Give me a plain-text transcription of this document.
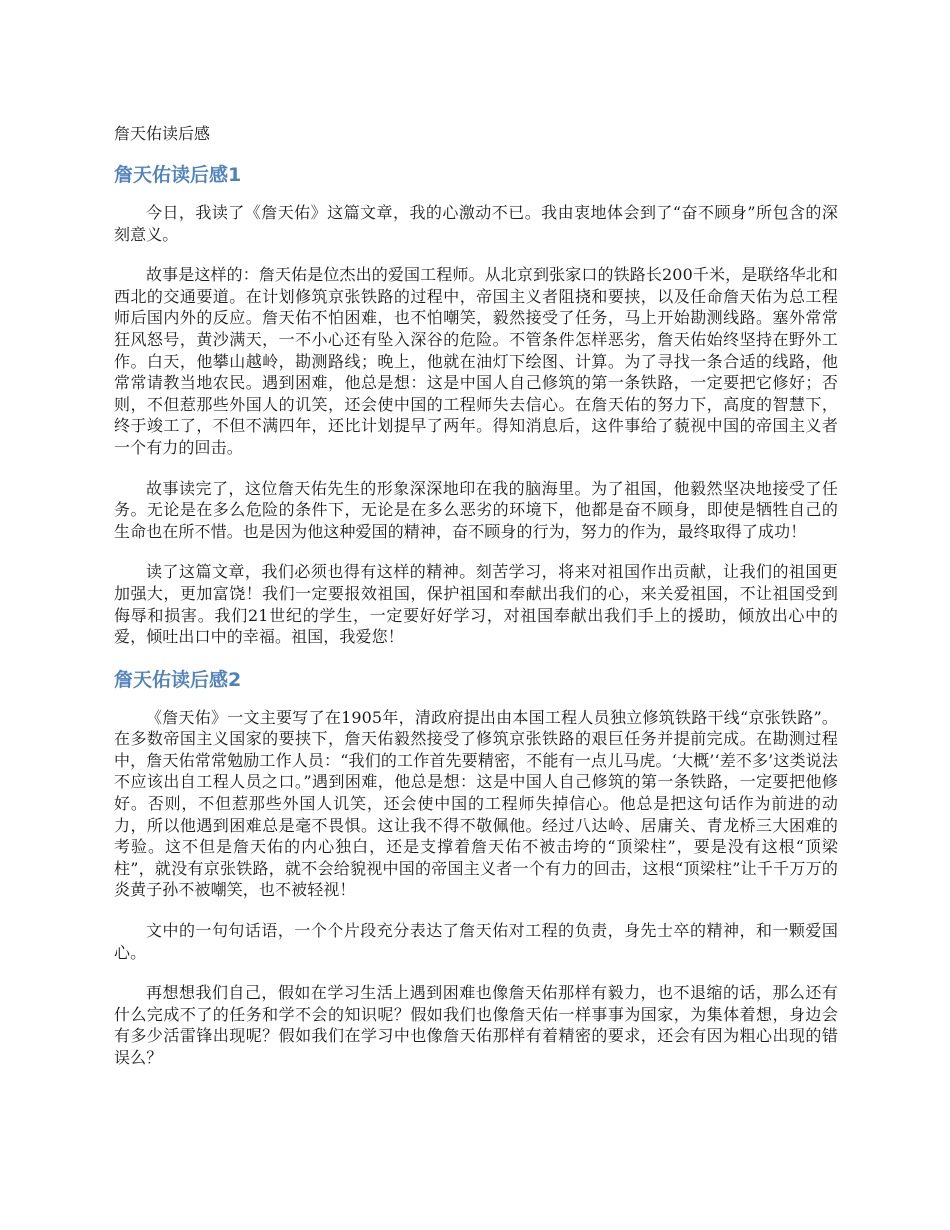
詹天佑读后感

詹天佑读后感1

今日，我读了《詹天佑》这篇文章，我的心激动不已。我由衷地体会到了“奋不顾身”所包含的深刻意义。

故事是这样的：詹天佑是位杰出的爱国工程师。从北京到张家口的铁路长200千米，是联络华北和西北的交通要道。在计划修筑京张铁路的过程中，帝国主义者阻挠和要挟，以及任命詹天佑为总工程师后国内外的反应。詹天佑不怕困难，也不怕嘲笑，毅然接受了任务，马上开始勘测线路。塞外常常狂风怒号，黄沙满天，一不小心还有坠入深谷的危险。不管条件怎样恶劣，詹天佑始终坚持在野外工作。白天，他攀山越岭，勘测路线；晚上，他就在油灯下绘图、计算。为了寻找一条合适的线路，他常常请教当地农民。遇到困难，他总是想：这是中国人自己修筑的第一条铁路，一定要把它修好；否则，不但惹那些外国人的讥笑，还会使中国的工程师失去信心。在詹天佑的努力下，高度的智慧下，终于竣工了，不但不满四年，还比计划提早了两年。得知消息后，这件事给了藐视中国的帝国主义者一个有力的回击。

故事读完了，这位詹天佑先生的形象深深地印在我的脑海里。为了祖国，他毅然坚决地接受了任务。无论是在多么危险的条件下，无论是在多么恶劣的环境下，他都是奋不顾身，即使是牺牲自己的生命也在所不惜。也是因为他这种爱国的精神，奋不顾身的行为，努力的作为，最终取得了成功！

读了这篇文章，我们必须也得有这样的精神。刻苦学习，将来对祖国作出贡献，让我们的祖国更加强大，更加富饶！我们一定要报效祖国，保护祖国和奉献出我们的心，来关爱祖国，不让祖国受到侮辱和损害。我们21世纪的学生，一定要好好学习，对祖国奉献出我们手上的援助，倾放出心中的爱，倾吐出口中的幸福。祖国，我爱您！

詹天佑读后感2

《詹天佑》一文主要写了在1905年，清政府提出由本国工程人员独立修筑铁路干线“京张铁路”。在多数帝国主义国家的要挟下，詹天佑毅然接受了修筑京张铁路的艰巨任务并提前完成。在勘测过程中，詹天佑常常勉励工作人员：“我们的工作首先要精密，不能有一点儿马虎。‘大概’‘差不多’这类说法不应该出自工程人员之口。”遇到困难，他总是想：这是中国人自己修筑的第一条铁路，一定要把他修好。否则，不但惹那些外国人讥笑，还会使中国的工程师失掉信心。他总是把这句话作为前进的动力，所以他遇到困难总是毫不畏惧。这让我不得不敬佩他。经过八达岭、居庸关、青龙桥三大困难的考验。这不但是詹天佑的内心独白，还是支撑着詹天佑不被击垮的“顶梁柱”，要是没有这根“顶梁柱”，就没有京张铁路，就不会给貌视中国的帝国主义者一个有力的回击，这根“顶梁柱”让千千万万的炎黄子孙不被嘲笑，也不被轻视！

文中的一句句话语，一个个片段充分表达了詹天佑对工程的负责，身先士卒的精神，和一颗爱国心。

再想想我们自己，假如在学习生活上遇到困难也像詹天佑那样有毅力，也不退缩的话，那么还有什么完成不了的任务和学不会的知识呢？假如我们也像詹天佑一样事事为国家，为集体着想，身边会有多少活雷锋出现呢？假如我们在学习中也像詹天佑那样有着精密的要求，还会有因为粗心出现的错误么？
